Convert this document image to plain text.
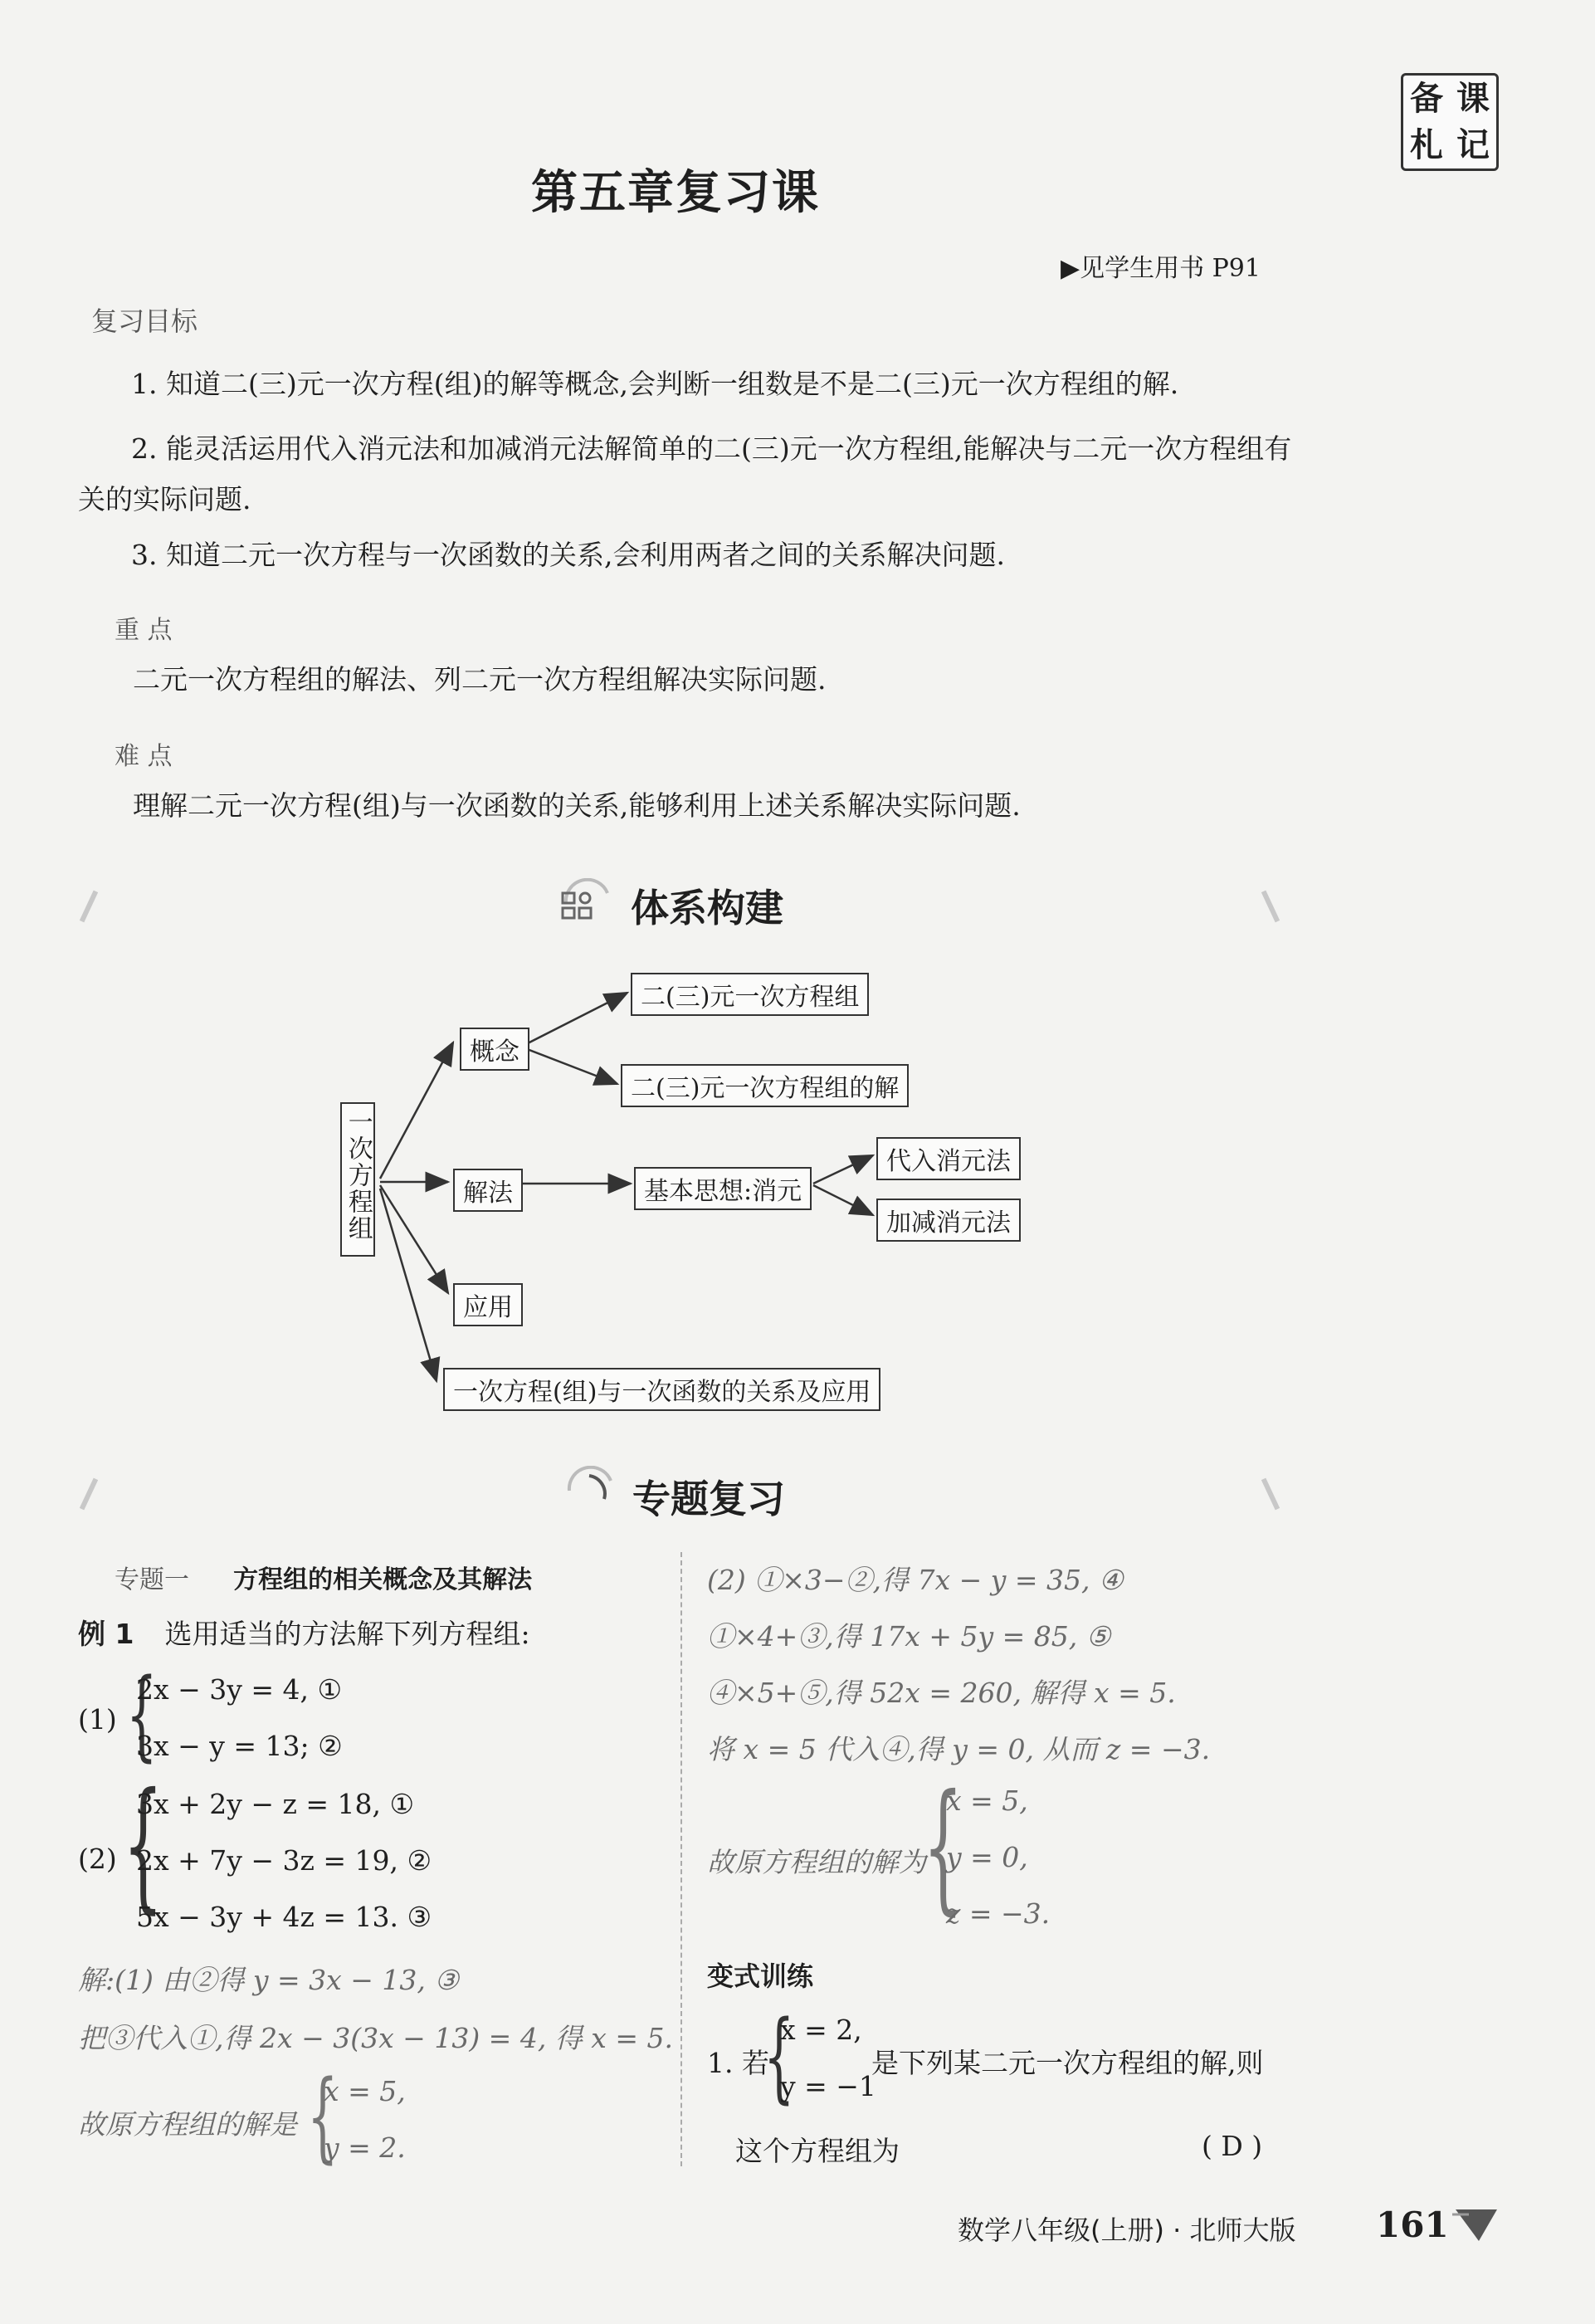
备 课
札 记
第五章复习课
▶见学生用书 P91
复习目标
1. 知道二(三)元一次方程(组)的解等概念,会判断一组数是不是二(三)元一次方程组的解.
2. 能灵活运用代入消元法和加减消元法解简单的二(三)元一次方程组,能解决与二元一次方程组有关的实际问题.
3. 知道二元一次方程与一次函数的关系,会利用两者之间的关系解决问题.
重 点
二元一次方程组的解法、列二元一次方程组解决实际问题.
难 点
理解二元一次方程(组)与一次函数的关系,能够利用上述关系解决实际问题.
体系构建
一次方程组
概念
二(三)元一次方程组
二(三)元一次方程组的解
解法	基本思想:消元
代入消元法
加减消元法
应用
一次方程(组)与一次函数的关系及应用
专题复习
专题一 方程组的相关概念及其解法
例 1 选用适当的方法解下列方程组:
(1) {
2x − 3y = 4, ①
3x − y = 13; ②
(2) {
3x + 2y − z = 18, ①
2x + 7y − 3z = 19, ②
5x − 3y + 4z = 13. ③
解:(1) 由②得 y = 3x − 13, ③
把③代入①,得 2x − 3(3x − 13) = 4, 得 x = 5.
故原方程组的解是 {
x = 5,
y = 2.
(2) ①×3−②,得 7x − y = 35, ④
①×4+③,得 17x + 5y = 85, ⑤
④×5+⑤,得 52x = 260, 解得 x = 5.
将 x = 5 代入④,得 y = 0, 从而 z = −3.
故原方程组的解为
{
x = 5,
y = 0,
z = −3.
变式训练
1. 若
{
x = 2,
y = −1
是下列某二元一次方程组的解,则
这个方程组为	( D )
数学八年级(上册) · 北师大版 161
